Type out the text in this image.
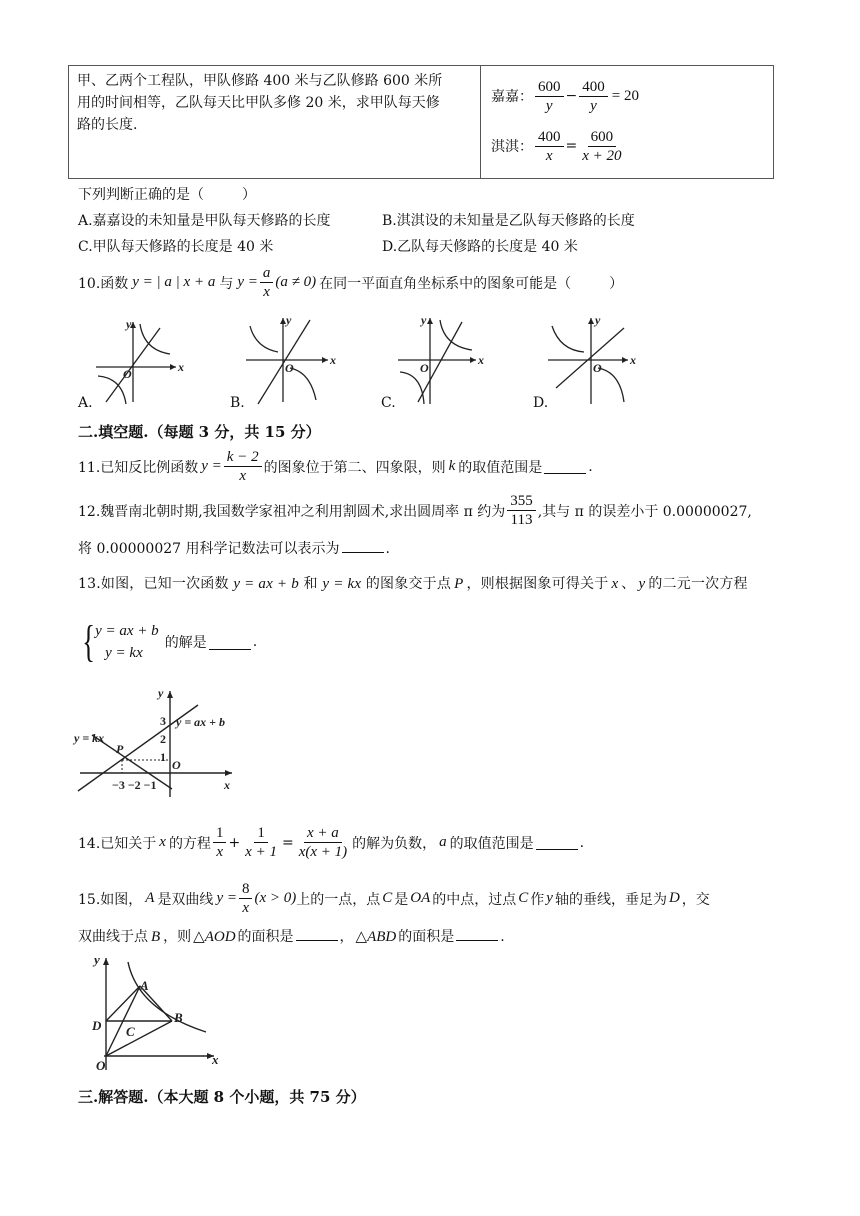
甲、乙两个工程队，甲队修路 400 米与乙队修路 600 米所
用的时间相等，乙队每天比甲队多修 20 米，求甲队每天修
路的长度.

嘉嘉： $\frac{600}{y} - \frac{400}{y} = 20$
淇淇： $\frac{400}{x} = \frac{600}{x + 20}$
下列判断正确的是（	）
A.嘉嘉设的未知量是甲队每天修路的长度	B.淇淇设的未知量是乙队每天修路的长度
C.甲队每天修路的长度是 40 米	D.乙队每天修路的长度是 40 米
10.函数 y = | a | x + a 与 $y = \frac{a}{x} (a \ne 0)$ 在同一平面直角坐标系中的图象可能是（	）
x
y
O
x
y
O
x
y
O
x
y
O
A.	B.	C.	D.
二.填空题.（每题 3 分，共 15 分）
11.已知反比例函数 $y = \frac{k - 2}{x}$ 的图象位于第二、四象限，则 k 的取值范围是	.
12.魏晋南北朝时期,我国数学家祖冲之利用割圆术,求出圆周率 π 约为 $\frac{355}{113}$ ,其与 π 的误差小于 0.00000027,
将 0.00000027 用科学记数法可以表示为	.
13.如图，已知一次函数 y = ax + b 和 y = kx 的图象交于点 P ，则根据图象可得关于 x 、 y 的二元一次方程
{ y = ax + b
y = kx
的解是	.
y = ax + b
y = kx
P
O
x
y
3
2
1
−3 −2 −1
14.已知关于 x 的方程 $\frac{1}{x} + \frac{1}{x + 1} = \frac{x + a}{x(x + 1)}$ 的解为负数， a 的取值范围是	.
15.如图， A 是双曲线 $y = \frac{8}{x} (x > 0)$ 上的一点，点 C 是 OA 的中点，过点 C 作 y 轴的垂线，垂足为 D ，交
双曲线于点 B ，则 △AOD 的面积是	， △ABD 的面积是	.
A
B
C
D
O	x
y
三.解答题.（本大题 8 个小题，共 75 分）
